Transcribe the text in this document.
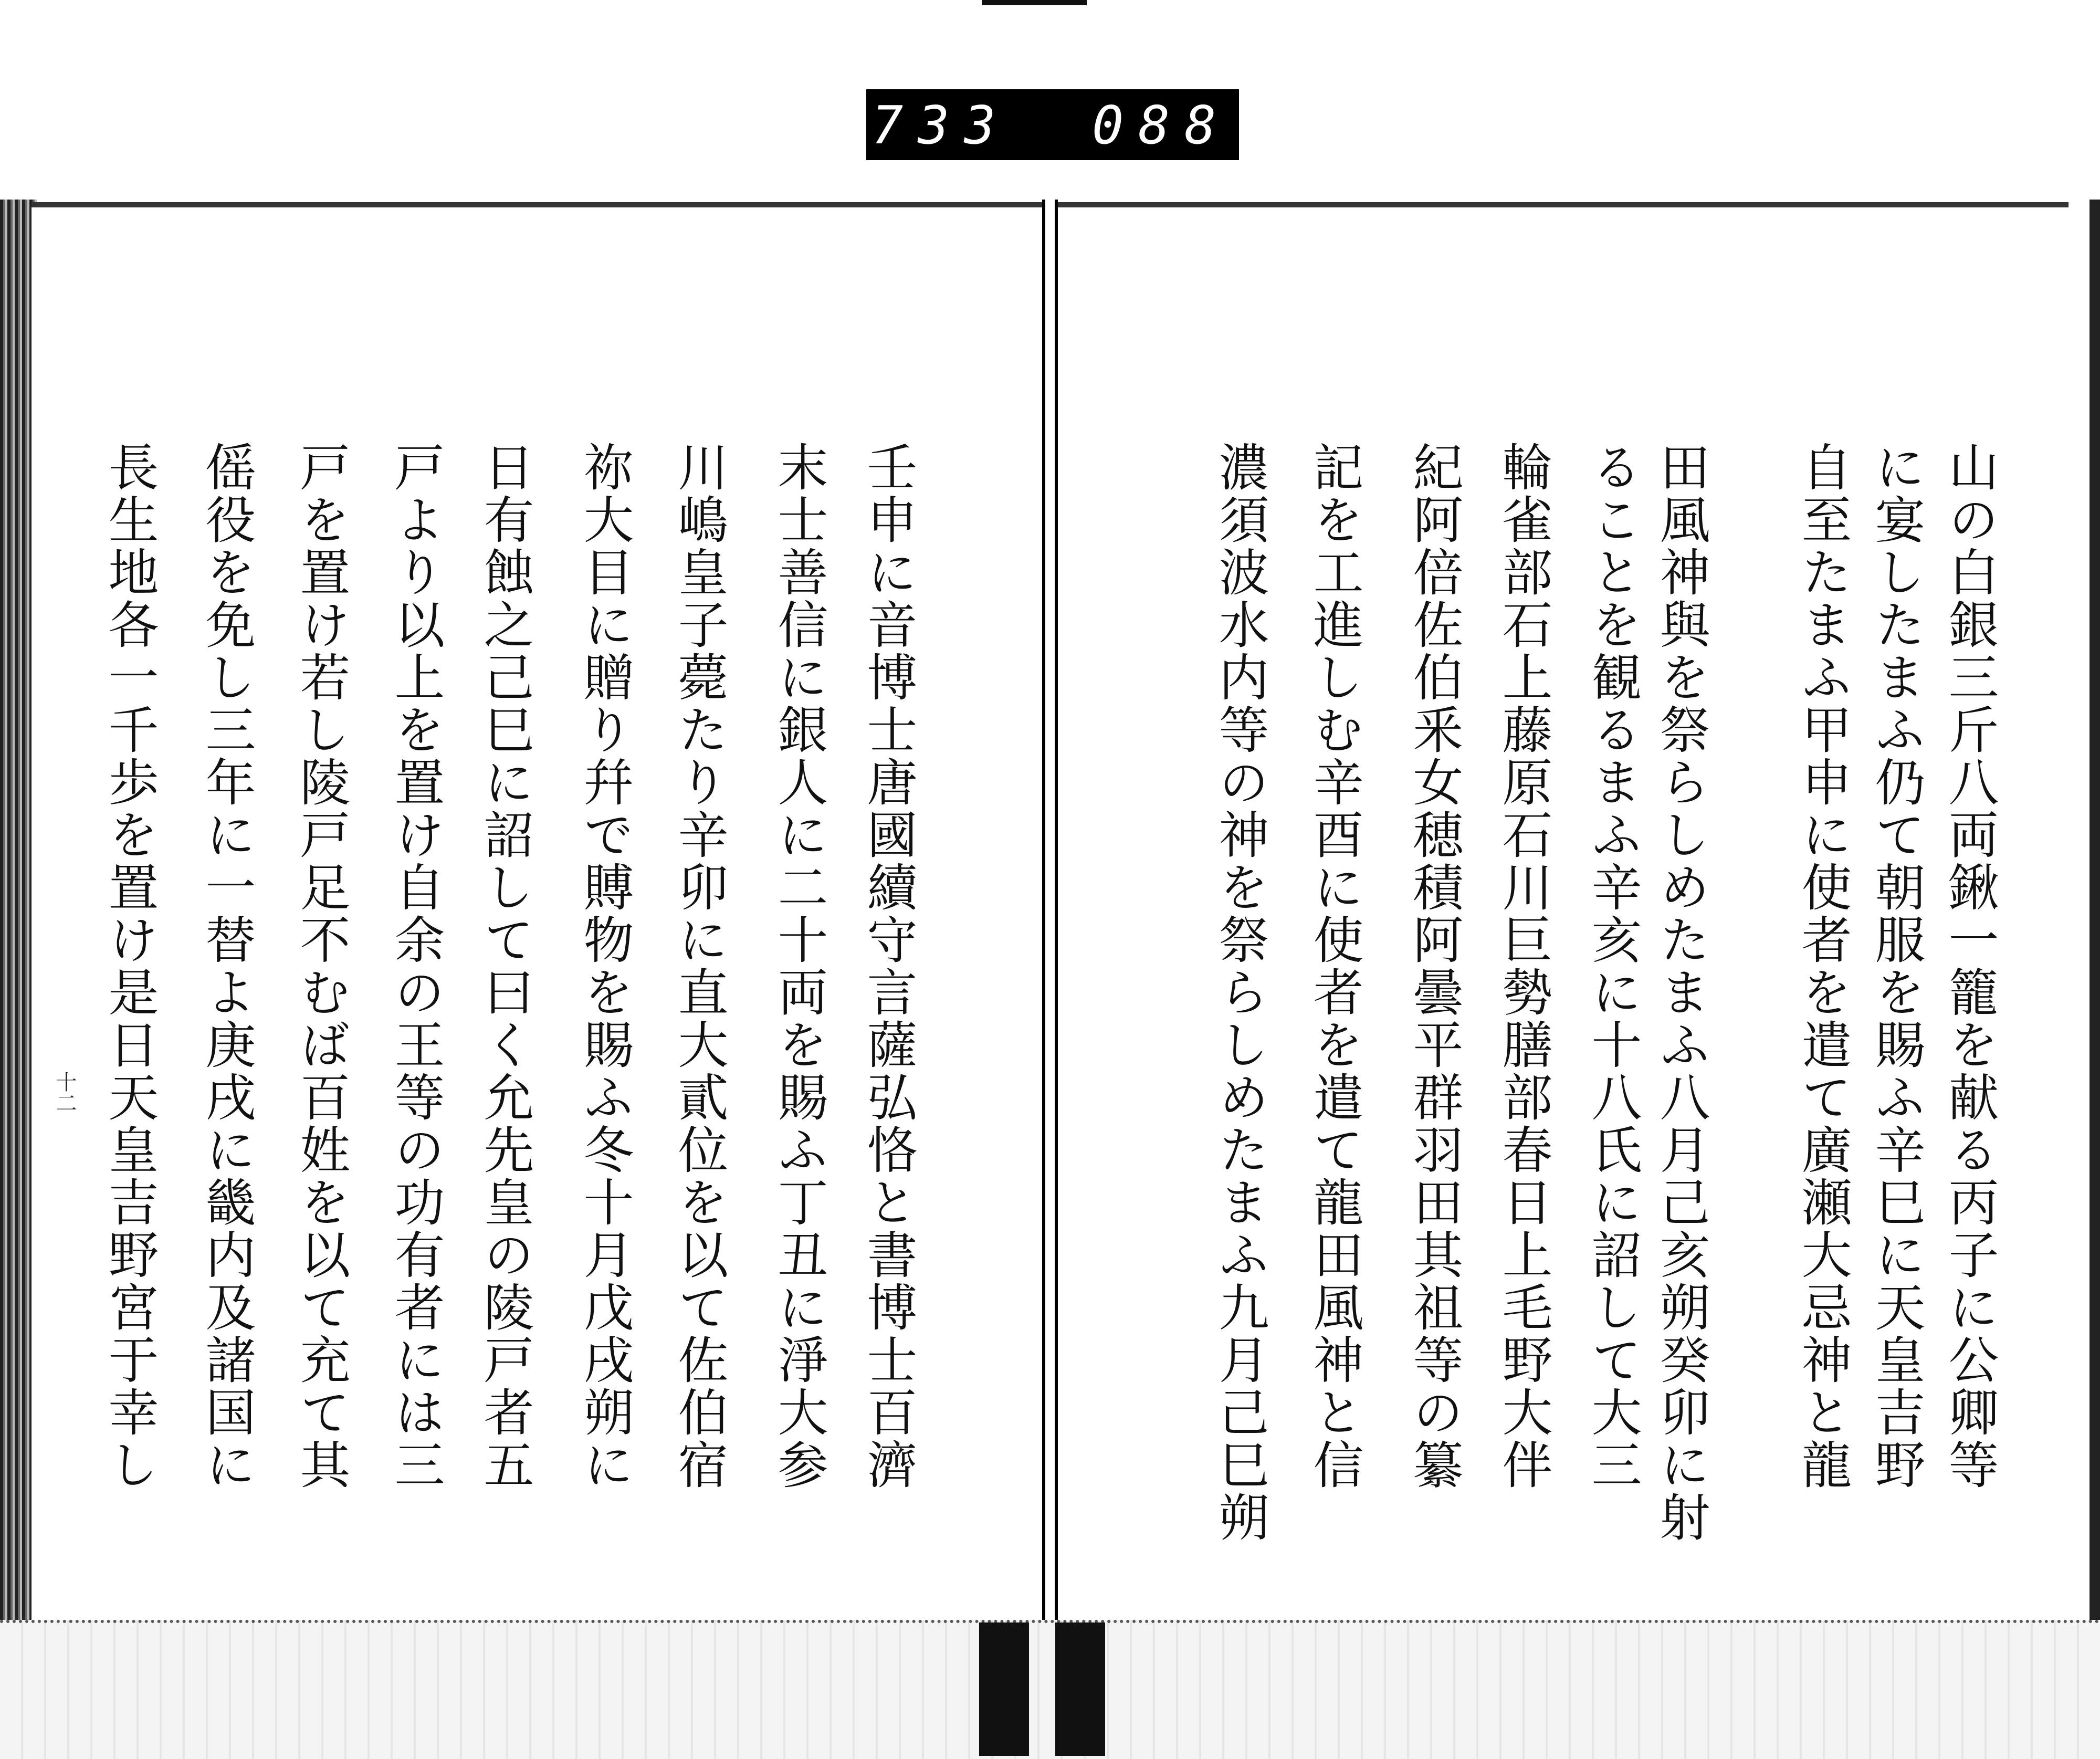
733 088.
山の白銀三斤八両鍬一籠を献る丙子に公卿等
に宴したまふ仍て朝服を賜ふ辛巳に天皇吉野
自至たまふ甲申に使者を遣て廣瀬大忌神と龍
田風神與を祭らしめたまふ八月己亥朔癸卯に射
ることを観るまふ辛亥に十八氏に詔して大三
輪雀部石上藤原石川巨勢膳部春日上毛野大伴
紀阿倍佐伯釆女穂積阿曇平群羽田其祖等の纂
記を工進しむ辛酉に使者を遣て龍田風神と信
濃須波水内等の神を祭らしめたまふ九月己巳朔
壬申に音博士唐國續守言薩弘恪と書博士百濟
末士善信に銀人に二十両を賜ふ丁丑に淨大参
川嶋皇子薨たり辛卯に直大貳位を以て佐伯宿
祢大目に贈り幷で賻物を賜ふ冬十月戊戌朔に
日有蝕之己巳に詔して曰く允先皇の陵戸者五
戸より以上を置け自余の王等の功有者には三
戸を置け若し陵戸足不むば百姓を以て充て其
傜役を免し三年に一替よ庚戌に畿内及諸国に
長生地各一千歩を置け是日天皇吉野宮于幸し
十二
